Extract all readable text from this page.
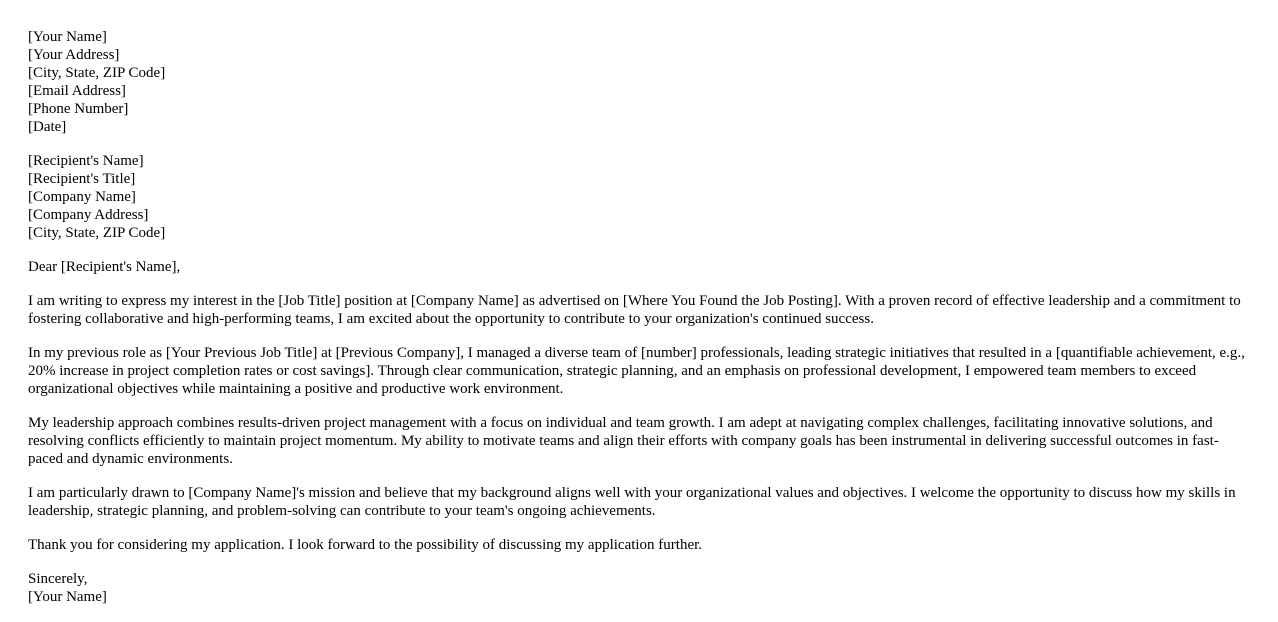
[Your Name]
[Your Address]
[City, State, ZIP Code]
[Email Address]
[Phone Number]
[Date]
[Recipient's Name]
[Recipient's Title]
[Company Name]
[Company Address]
[City, State, ZIP Code]

Dear [Recipient's Name],

I am writing to express my interest in the [Job Title] position at [Company Name] as advertised on [Where You Found the Job Posting]. With a proven record of effective leadership and a commitment to fostering collaborative and high-performing teams, I am excited about the opportunity to contribute to your organization's continued success.

In my previous role as [Your Previous Job Title] at [Previous Company], I managed a diverse team of [number] professionals, leading strategic initiatives that resulted in a [quantifiable achievement, e.g., 20% increase in project completion rates or cost savings]. Through clear communication, strategic planning, and an emphasis on professional development, I empowered team members to exceed organizational objectives while maintaining a positive and productive work environment.

My leadership approach combines results-driven project management with a focus on individual and team growth. I am adept at navigating complex challenges, facilitating innovative solutions, and resolving conflicts efficiently to maintain project momentum. My ability to motivate teams and align their efforts with company goals has been instrumental in delivering successful outcomes in fast-paced and dynamic environments.

I am particularly drawn to [Company Name]'s mission and believe that my background aligns well with your organizational values and objectives. I welcome the opportunity to discuss how my skills in leadership, strategic planning, and problem-solving can contribute to your team's ongoing achievements.

Thank you for considering my application. I look forward to the possibility of discussing my application further.

Sincerely,
[Your Name]
